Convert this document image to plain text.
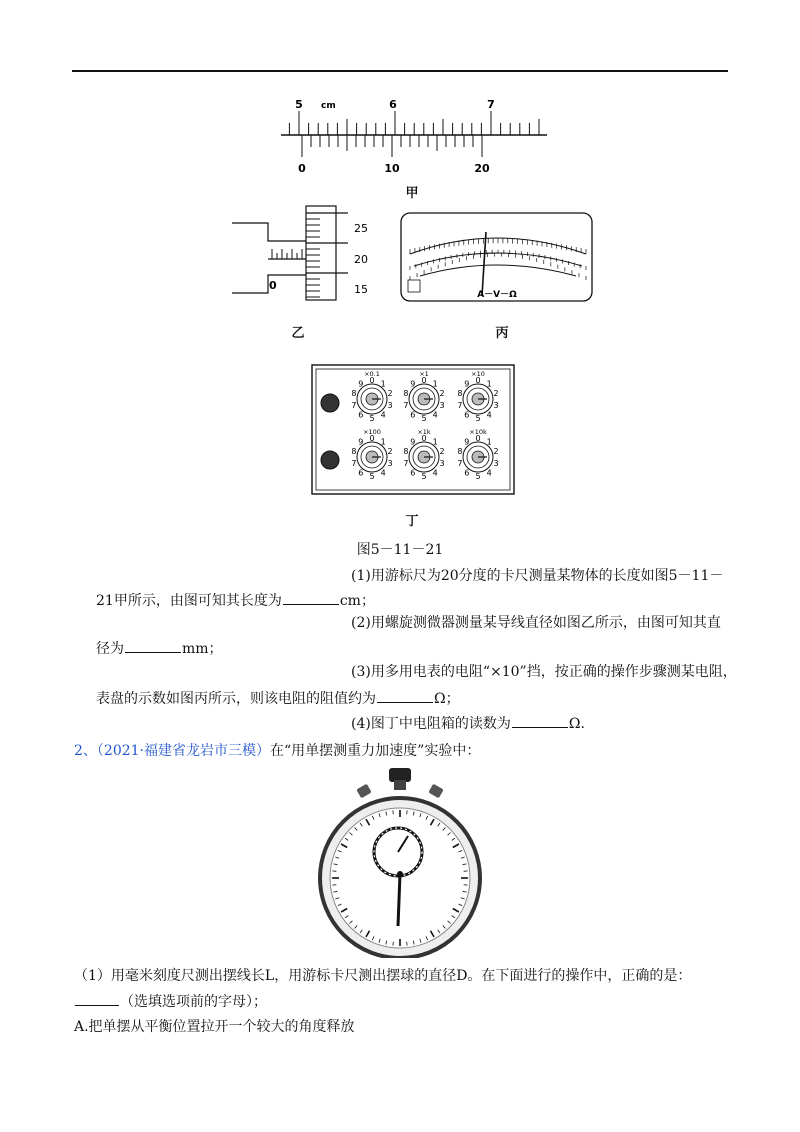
5 cm	6	7
0	10	20
甲
0
25
20
15
乙
A－V－Ω
丙
×0.1
0 1
2
3
4
5
6
7
8
9
×1
0 1
2
3
4
5
6
7
8
9
×10
0 1
2
3
4
5
6
7
8
9
×100
0 1
2
3
4
5
6
7
8
9
×1k
0 1
2
3
4
5
6
7
8
9
×10k
0 1
2
3
4
5
6
7
8
9
丁
图5－11－21
(1)用游标尺为20分度的卡尺测量某物体的长度如图5－11－
21甲所示，由图可知其长度为	cm；
(2)用螺旋测微器测量某导线直径如图乙所示，由图可知其直
径为	mm；
(3)用多用电表的电阻“×10”挡，按正确的操作步骤测某电阻，
表盘的示数如图丙所示，则该电阻的阻值约为	Ω；
(4)图丁中电阻箱的读数为	Ω.
2、（2021·福建省龙岩市三模）在“用单摆测重力加速度”实验中：
（1）用毫米刻度尺测出摆线长L，用游标卡尺测出摆球的直径D。在下面进行的操作中，正确的是：
（选填选项前的字母）；
A.把单摆从平衡位置拉开一个较大的角度释放
